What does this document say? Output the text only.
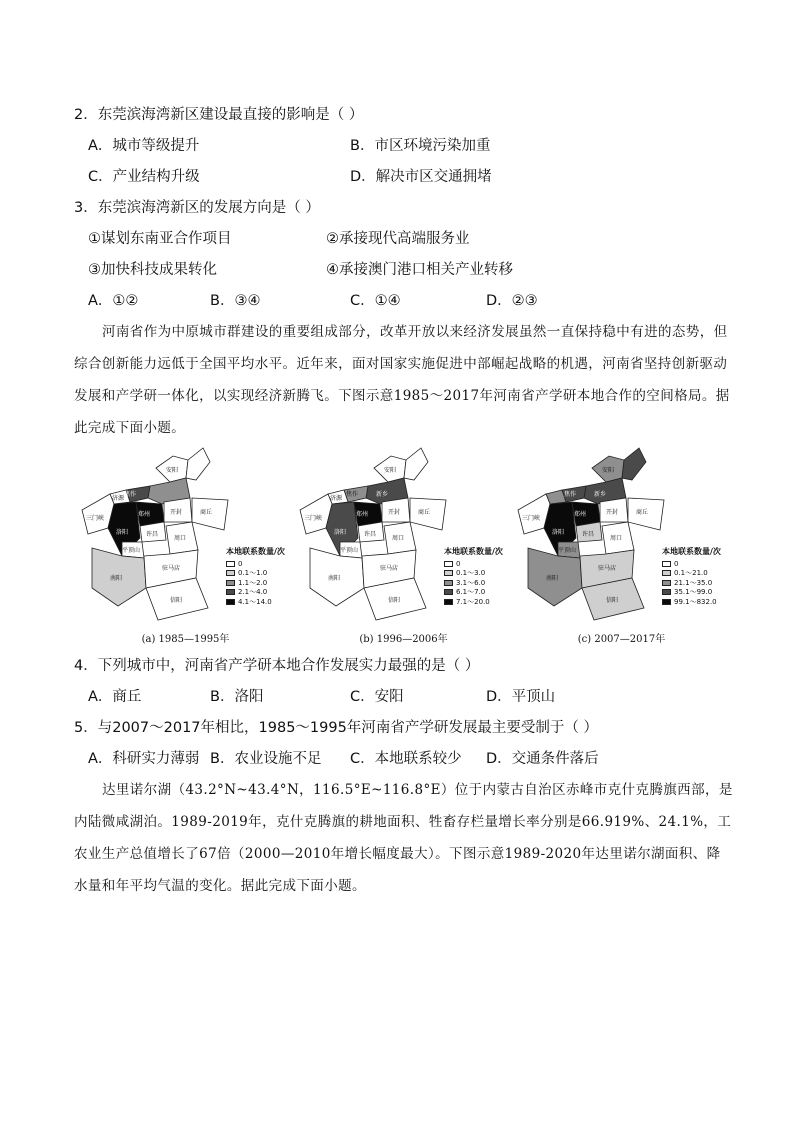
2．东莞滨海湾新区建设最直接的影响是（ ）
A．城市等级提升	B．市区环境污染加重
C．产业结构升级	D．解决市区交通拥堵
3．东莞滨海湾新区的发展方向是（ ）
①谋划东南亚合作项目	②承接现代高端服务业
③加快科技成果转化	④承接澳门港口相关产业转移
A．①②	B．③④	C．①④	D．②③
河南省作为中原城市群建设的重要组成部分，改革开放以来经济发展虽然一直保持稳中有进的态势，但综合创新能力远低于全国平均水平。近年来，面对国家实施促进中部崛起战略的机遇，河南省坚持创新驱动发展和产学研一体化，以实现经济新腾飞。下图示意1985～2017年河南省产学研本地合作的空间格局。据此完成下面小题。
安阳
焦作
济源
郑州	开封	商丘
三门峡
洛阳	许昌
平顶山
周口
南阳
驻马店
信阳
本地联系数量/次
0
0.1～1.0
1.1～2.0
2.1～4.0
4.1～14.0
(a) 1985—1995年
安阳
新乡
焦作
济源
郑州	开封	商丘
三门峡
洛阳	许昌
平顶山
周口
南阳
驻马店
信阳
本地联系数量/次
0
0.1～3.0
3.1～6.0
6.1～7.0
7.1～20.0
(b) 1996—2006年
安阳
新乡
焦作
郑州	开封	商丘
三门峡
洛阳	许昌
平顶山
周口
南阳
驻马店
信阳
本地联系数量/次
0
0.1～21.0
21.1～35.0
35.1～99.0
99.1～832.0
(c) 2007—2017年
4．下列城市中，河南省产学研本地合作发展实力最强的是（ ）
A．商丘	B．洛阳	C．安阳	D．平顶山
5．与2007～2017年相比，1985～1995年河南省产学研发展最主要受制于（ ）
A．科研实力薄弱 B．农业设施不足 C．本地联系较少 D．交通条件落后
达里诺尔湖（43.2°N~43.4°N，116.5°E~116.8°E）位于内蒙古自治区赤峰市克什克腾旗西部，是内陆微咸湖泊。1989-2019年，克什克腾旗的耕地面积、牲畜存栏量增长率分别是66.919%、24.1%，工农业生产总值增长了67倍（2000—2010年增长幅度最大）。下图示意1989-2020年达里诺尔湖面积、降水量和年平均气温的变化。据此完成下面小题。
